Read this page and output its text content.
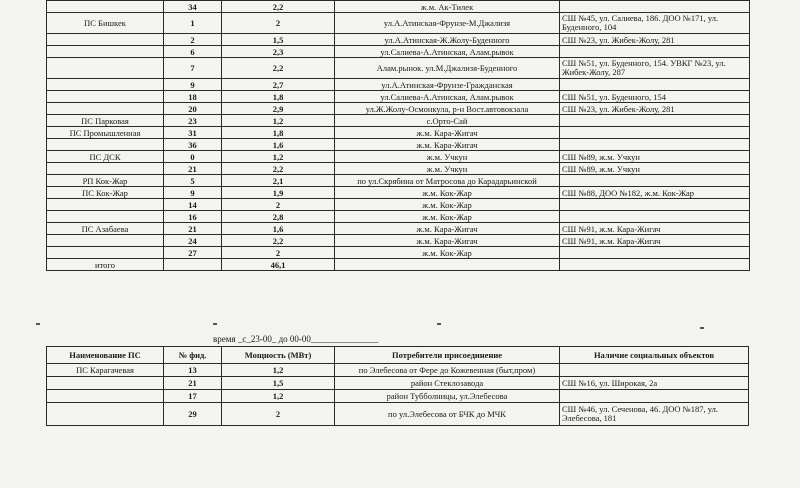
	34	2,2	ж.м. Ак-Тилек	
ПС Бишкек	1	2	ул.А.Атинская-Фрунзе-М.Джализя	СШ №45, ул. Салиева, 186. ДОО №171, ул. Буденного, 104
	2	1,5	ул.А.Атинская-Ж.Жолу-Буденного	СШ №23, ул. Жибек-Жолу, 281
	6	2,3	ул.Салиева-А.Атинская, Алам.рывок	
	7	2,2	Алам.рынок. ул.М.Джализя-Буденного	СШ №51, ул. Буденного, 154. УВКГ №23, ул. Жибек-Жолу, 287
	9	2,7	ул.А.Атинская-Фрунзе-Гражданская	
	18	1,8	ул.Салиева-А.Атинская, Алам.рывок	СШ №51, ул. Буденного, 154
	20	2,9	ул.Ж.Жолу-Осмонкула, р-н Вост.автовокзала	СШ №23, ул. Жибек-Жолу, 281
ПС Парковая	23	1,2	с.Орто-Сай	
ПС Промышленная	31	1,8	ж.м. Кара-Жигач	
	36	1,6	ж.м. Кара-Жигач	
ПС ДСК	0	1,2	ж.м. Учкун	СШ №89, ж.м. Учкун
	21	2,2	ж.м. Учкун	СШ №89, ж.м. Учкун
РП Кок-Жар	5	2,1	по ул.Скрябина от Матросова до Карадарьинской	
ПС Кок-Жар	9	1,9	ж.м. Кок-Жар	СШ №88, ДОО №182, ж.м. Кок-Жар
	14	2	ж.м. Кок-Жар	
	16	2,8	ж.м. Кок-Жар	
ПС Азабаева	21	1,6	ж.м. Кара-Жигач	СШ №91, ж.м. Кара-Жигач
	24	2,2	ж.м. Кара-Жигач	СШ №91, ж.м. Кара-Жигач
	27	2	ж.м. Кок-Жар	
итого		46,1		
время _с_23-00_ до 00-00_______________
Наименование ПС	№ фид.	Мощность (МВт)	Потребители присоединение	Наличие социальных объектов
ПС Карагачевая	13	1,2	по Элебесова от Фере до Кожевенная (быт,пром)	
	21	1,5	район Стеклозавода	СШ №16, ул. Широкая, 2а
	17	1,2	район Тубболницы, ул.Элебесова	
	29	2	по ул.Элебесова от БЧК до МЧК	СШ №46, ул. Сеченова, 46. ДОО №187, ул. Элебесова, 181
